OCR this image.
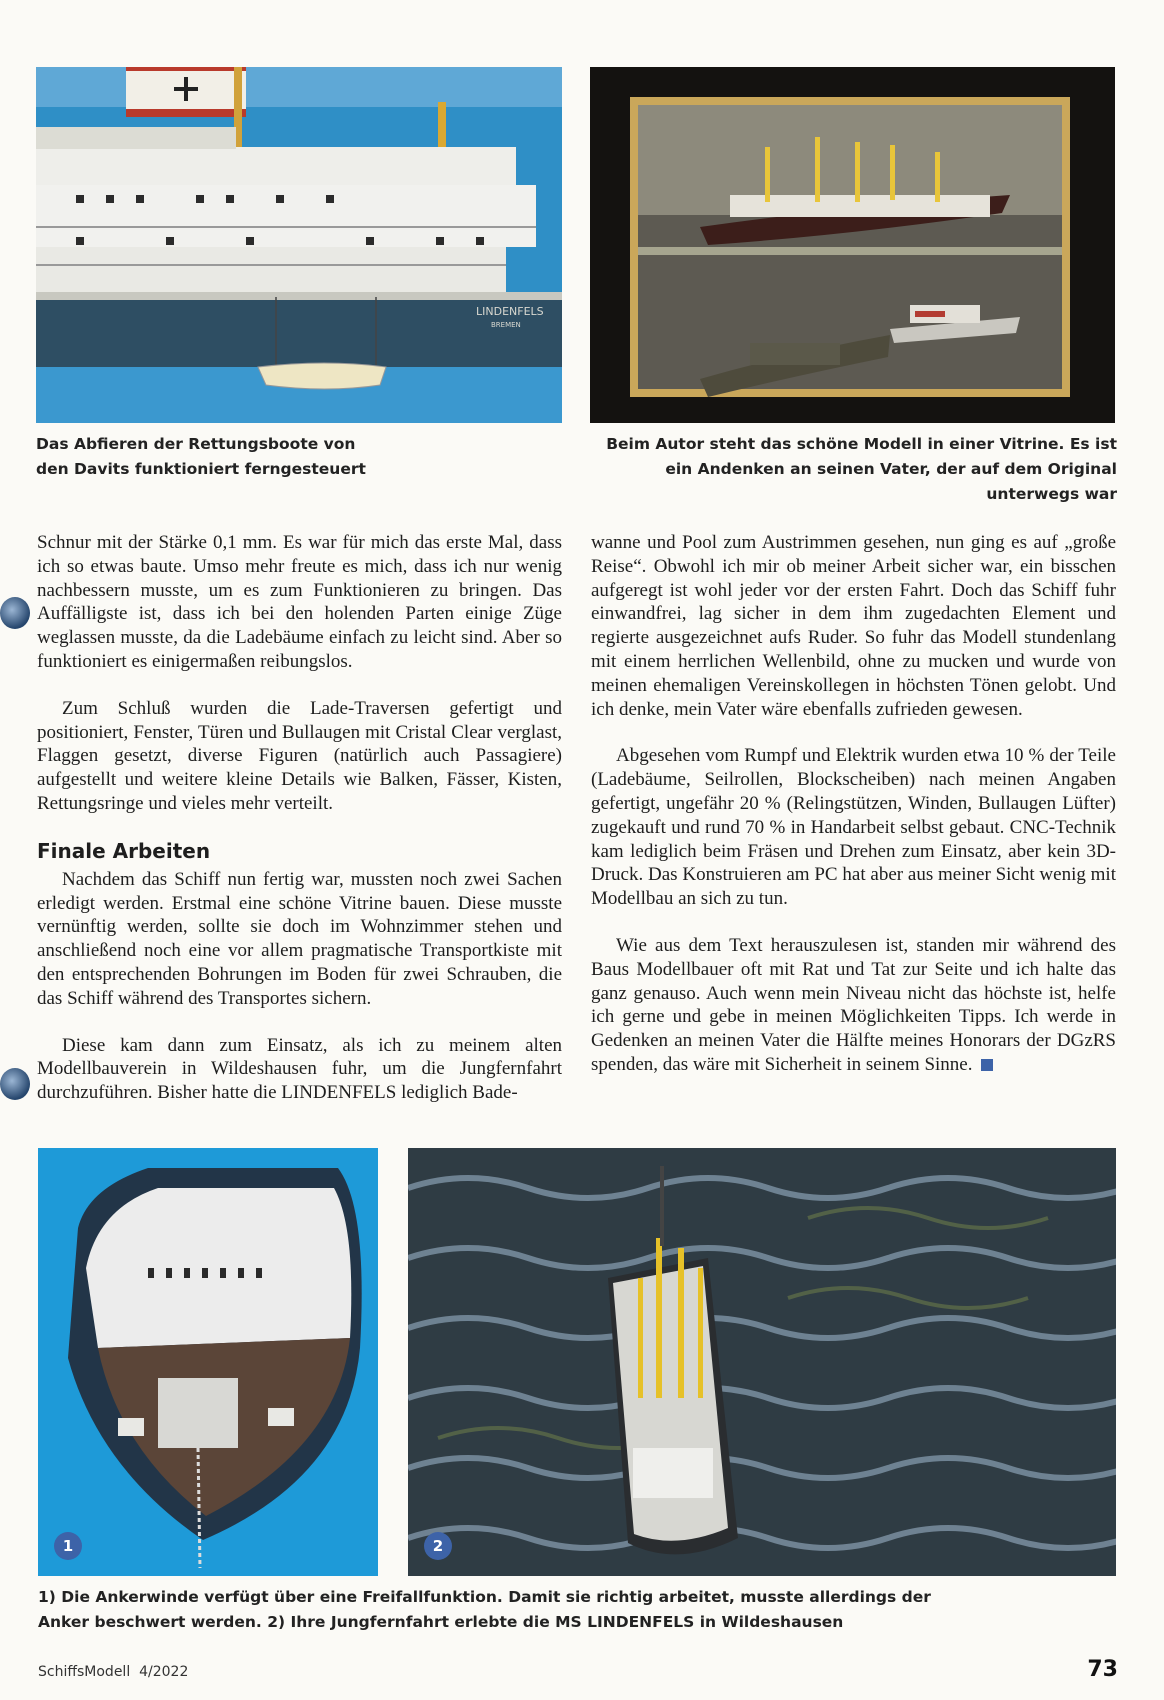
LINDENFELS
BREMEN
Das Abfieren der Rettungsboote von den Davits funktioniert ferngesteuert
Beim Autor steht das schöne Modell in einer Vitrine. Es ist ein Andenken an seinen Vater, der auf dem Original unterwegs war

Schnur mit der Stärke 0,1 mm. Es war für mich das erste Mal, dass ich so etwas baute. Umso mehr freute es mich, dass ich nur wenig nachbessern musste, um es zum Funktionieren zu bringen. Das Auffälligste ist, dass ich bei den holenden Parten einige Züge weglassen musste, da die Ladebäume einfach zu leicht sind. Aber so funktioniert es einigermaßen reibungslos.

Zum Schluß wurden die Lade-Traversen gefertigt und positioniert, Fenster, Türen und Bullaugen mit Cristal Clear verglast, Flaggen gesetzt, diverse Figuren (natürlich auch Passagiere) aufgestellt und weitere kleine Details wie Balken, Fässer, Kisten, Rettungsringe und vieles mehr verteilt.

Finale Arbeiten

Nachdem das Schiff nun fertig war, mussten noch zwei Sachen erledigt werden. Erstmal eine schöne Vitrine bauen. Diese musste vernünftig werden, sollte sie doch im Wohnzimmer stehen und anschließend noch eine vor allem pragmatische Transportkiste mit den entsprechenden Bohrungen im Boden für zwei Schrauben, die das Schiff während des Transportes sichern.

Diese kam dann zum Einsatz, als ich zu meinem alten Modellbauverein in Wildeshausen fuhr, um die Jungfernfahrt durchzuführen. Bisher hatte die LINDENFELS lediglich Bade-

wanne und Pool zum Austrimmen gesehen, nun ging es auf „große Reise“. Obwohl ich mir ob meiner Arbeit sicher war, ein bisschen aufgeregt ist wohl jeder vor der ersten Fahrt. Doch das Schiff fuhr einwandfrei, lag sicher in dem ihm zugedachten Element und regierte ausgezeichnet aufs Ruder. So fuhr das Modell stundenlang mit einem herrlichen Wellenbild, ohne zu mucken und wurde von meinen ehemaligen Vereinskollegen in höchsten Tönen gelobt. Und ich denke, mein Vater wäre ebenfalls zufrieden gewesen.

Abgesehen vom Rumpf und Elektrik wurden etwa 10 % der Teile (Ladebäume, Seilrollen, Blockscheiben) nach meinen Angaben gefertigt, ungefähr 20 % (Relingstützen, Winden, Bullaugen Lüfter) zugekauft und rund 70 % in Handarbeit selbst gebaut. CNC-Technik kam lediglich beim Fräsen und Drehen zum Einsatz, aber kein 3D-Druck. Das Konstruieren am PC hat aber aus meiner Sicht wenig mit Modellbau an sich zu tun.

Wie aus dem Text herauszulesen ist, standen mir während des Baus Modellbauer oft mit Rat und Tat zur Seite und ich halte das ganz genauso. Auch wenn mein Niveau nicht das höchste ist, helfe ich gerne und gebe in meinen Möglichkeiten Tipps. Ich werde in Gedenken an meinen Vater die Hälfte meines Honorars der DGzRS spenden, das wäre mit Sicherheit in seinem Sinne.

1	2
1) Die Ankerwinde verfügt über eine Freifallfunktion. Damit sie richtig arbeitet, musste allerdings der Anker beschwert werden. 2) Ihre Jungfernfahrt erlebte die MS LINDENFELS in Wildeshausen
SchiffsModell  4/2022	73
